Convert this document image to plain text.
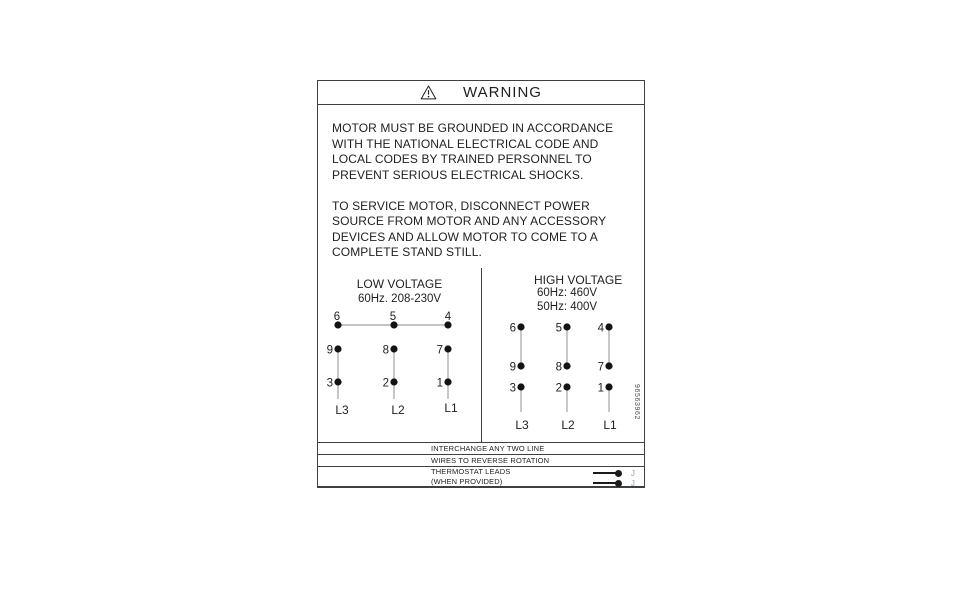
WARNING
MOTOR MUST BE GROUNDED IN ACCORDANCE
WITH THE NATIONAL ELECTRICAL CODE AND
LOCAL CODES BY TRAINED PERSONNEL TO
PREVENT SERIOUS ELECTRICAL SHOCKS.
TO SERVICE MOTOR, DISCONNECT POWER
SOURCE FROM MOTOR AND ANY ACCESSORY
DEVICES AND ALLOW MOTOR TO COME TO A
COMPLETE STAND STILL.
LOW VOLTAGE
60Hz. 208-230V
6	5	4
9	8	7
3	2	1
L3	L2	L1
HIGH VOLTAGE
60Hz: 460V
50Hz: 400V
6	5	4
9	8	7
3	2	1
L3	L2 L1
96563962
INTERCHANGE ANY TWO LINE
WIRES TO REVERSE ROTATION
THERMOSTAT LEADS
(WHEN PROVIDED)
J
J
